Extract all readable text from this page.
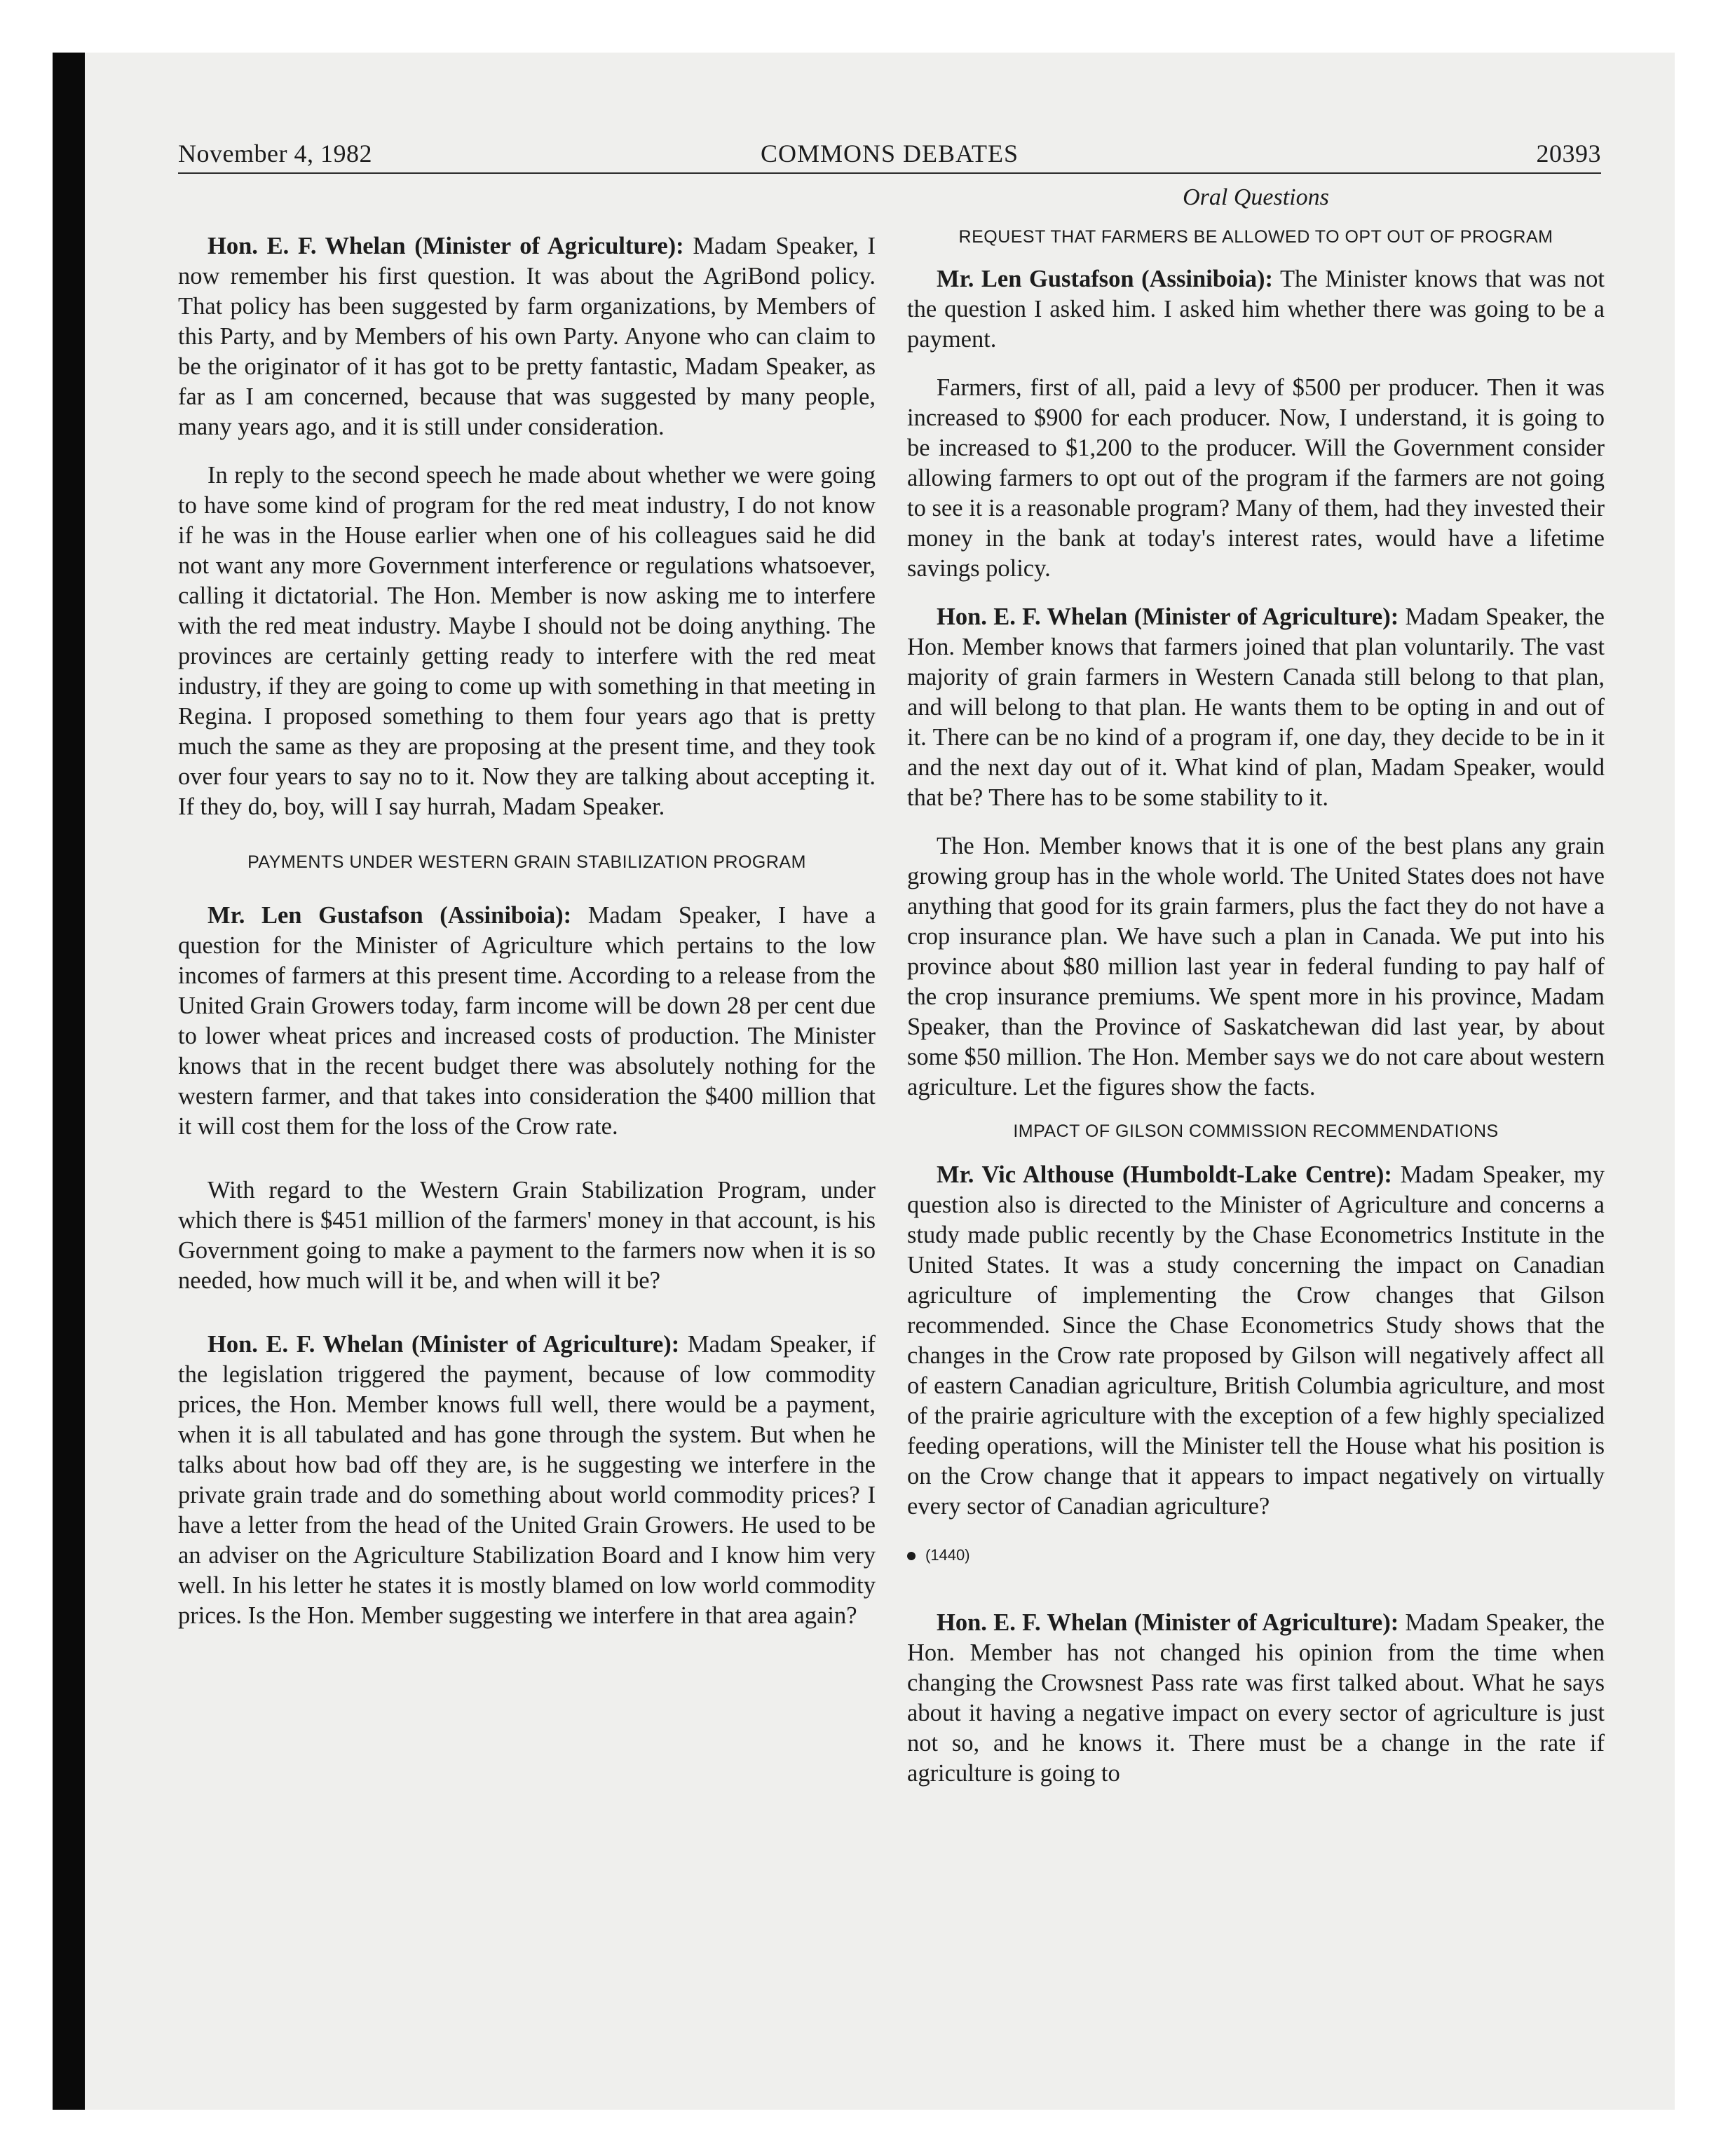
November 4, 1982	COMMONS DEBATES	20393

Hon. E. F. Whelan (Minister of Agriculture): Madam Speaker, I now remember his first question. It was about the AgriBond policy. That policy has been suggested by farm organizations, by Members of this Party, and by Members of his own Party. Anyone who can claim to be the originator of it has got to be pretty fantastic, Madam Speaker, as far as I am concerned, because that was suggested by many people, many years ago, and it is still under consideration.

In reply to the second speech he made about whether we were going to have some kind of program for the red meat industry, I do not know if he was in the House earlier when one of his colleagues said he did not want any more Government interference or regulations whatsoever, calling it dictatorial. The Hon. Member is now asking me to interfere with the red meat industry. Maybe I should not be doing anything. The provinces are certainly getting ready to interfere with the red meat industry, if they are going to come up with something in that meeting in Regina. I proposed something to them four years ago that is pretty much the same as they are proposing at the present time, and they took over four years to say no to it. Now they are talking about accepting it. If they do, boy, will I say hurrah, Madam Speaker.

PAYMENTS UNDER WESTERN GRAIN STABILIZATION PROGRAM

Mr. Len Gustafson (Assiniboia): Madam Speaker, I have a question for the Minister of Agriculture which pertains to the low incomes of farmers at this present time. According to a release from the United Grain Growers today, farm income will be down 28 per cent due to lower wheat prices and increased costs of production. The Minister knows that in the recent budget there was absolutely nothing for the western farmer, and that takes into consideration the $400 million that it will cost them for the loss of the Crow rate.

With regard to the Western Grain Stabilization Program, under which there is $451 million of the farmers' money in that account, is his Government going to make a payment to the farmers now when it is so needed, how much will it be, and when will it be?

Hon. E. F. Whelan (Minister of Agriculture): Madam Speaker, if the legislation triggered the payment, because of low commodity prices, the Hon. Member knows full well, there would be a payment, when it is all tabulated and has gone through the system. But when he talks about how bad off they are, is he suggesting we interfere in the private grain trade and do something about world commodity prices? I have a letter from the head of the United Grain Growers. He used to be an adviser on the Agriculture Stabilization Board and I know him very well. In his letter he states it is mostly blamed on low world commodity prices. Is the Hon. Member suggesting we interfere in that area again?

Oral Questions
REQUEST THAT FARMERS BE ALLOWED TO OPT OUT OF PROGRAM

Mr. Len Gustafson (Assiniboia): The Minister knows that was not the question I asked him. I asked him whether there was going to be a payment.

Farmers, first of all, paid a levy of $500 per producer. Then it was increased to $900 for each producer. Now, I understand, it is going to be increased to $1,200 to the producer. Will the Government consider allowing farmers to opt out of the program if the farmers are not going to see it is a reasonable program? Many of them, had they invested their money in the bank at today's interest rates, would have a lifetime savings policy.

Hon. E. F. Whelan (Minister of Agriculture): Madam Speaker, the Hon. Member knows that farmers joined that plan voluntarily. The vast majority of grain farmers in Western Canada still belong to that plan, and will belong to that plan. He wants them to be opting in and out of it. There can be no kind of a program if, one day, they decide to be in it and the next day out of it. What kind of plan, Madam Speaker, would that be? There has to be some stability to it.

The Hon. Member knows that it is one of the best plans any grain growing group has in the whole world. The United States does not have anything that good for its grain farmers, plus the fact they do not have a crop insurance plan. We have such a plan in Canada. We put into his province about $80 million last year in federal funding to pay half of the crop insurance premiums. We spent more in his province, Madam Speaker, than the Province of Saskatchewan did last year, by about some $50 million. The Hon. Member says we do not care about western agriculture. Let the figures show the facts.

IMPACT OF GILSON COMMISSION RECOMMENDATIONS

Mr. Vic Althouse (Humboldt-Lake Centre): Madam Speaker, my question also is directed to the Minister of Agriculture and concerns a study made public recently by the Chase Econometrics Institute in the United States. It was a study concerning the impact on Canadian agriculture of implementing the Crow changes that Gilson recommended. Since the Chase Econometrics Study shows that the changes in the Crow rate proposed by Gilson will negatively affect all of eastern Canadian agriculture, British Columbia agriculture, and most of the prairie agriculture with the exception of a few highly specialized feeding operations, will the Minister tell the House what his position is on the Crow change that it appears to impact negatively on virtually every sector of Canadian agriculture?

(1440)

Hon. E. F. Whelan (Minister of Agriculture): Madam Speaker, the Hon. Member has not changed his opinion from the time when changing the Crowsnest Pass rate was first talked about. What he says about it having a negative impact on every sector of agriculture is just not so, and he knows it. There must be a change in the rate if agriculture is going to
